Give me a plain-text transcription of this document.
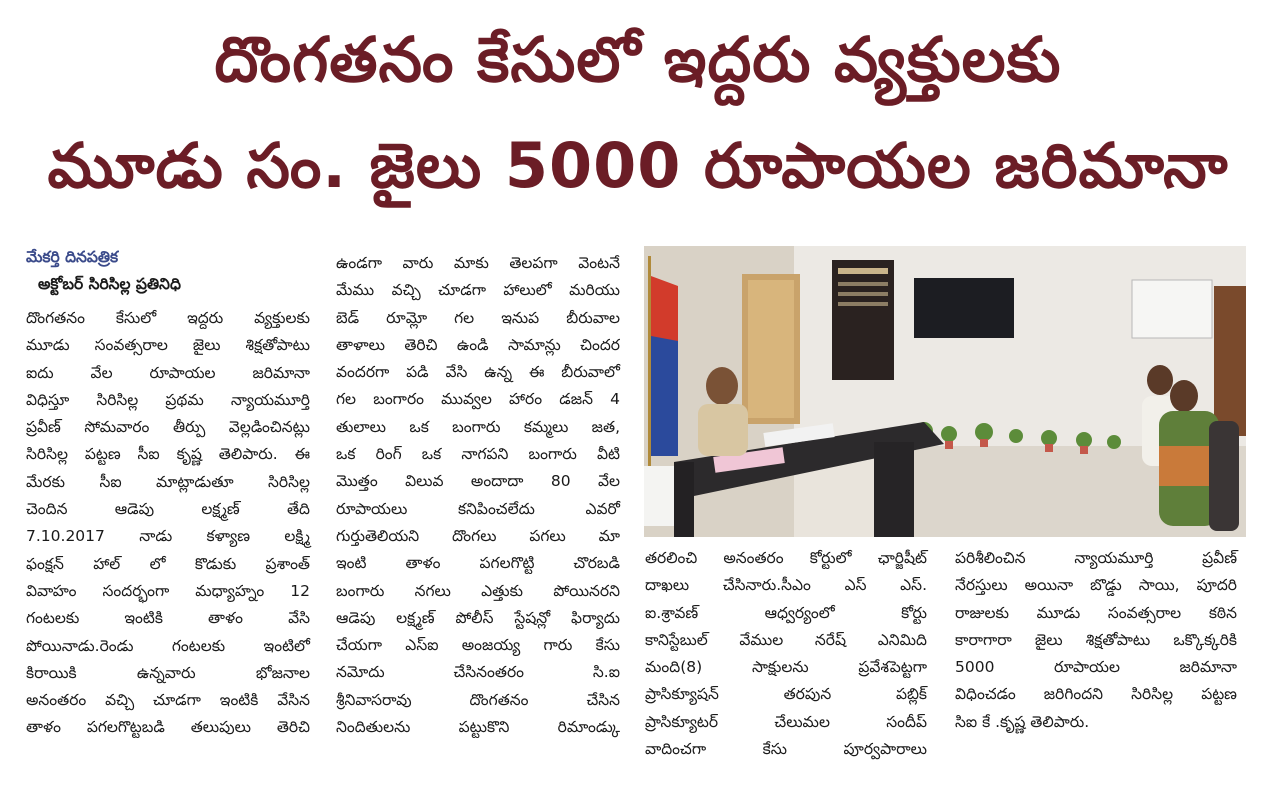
దొంగతనం కేసులో ఇద్దరు వ్యక్తులకు
మూడు సం. జైలు 5000 రూపాయల జరిమానా
మేకర్తి దినపత్రిక
అక్టోబర్ సిరిసిల్ల ప్రతినిధి
దొంగతనం కేసులో ఇద్దరు వ్యక్తులకు
మూడు సంవత్సరాల జైలు శిక్షతోపాటు
ఐదు వేల రూపాయల జరిమానా
విధిస్తూ సిరిసిల్ల ప్రథమ న్యాయమూర్తి
ప్రవీణ్ సోమవారం తీర్పు వెల్లడించినట్లు
సిరిసిల్ల పట్టణ సీఐ కృష్ణ తెలిపారు. ఈ
మేరకు సీఐ మాట్లాడుతూ సిరిసిల్ల
చెందిన ఆడెపు లక్ష్మణ్ తేది
7.10.2017 నాడు కళ్యాణ లక్ష్మి
ఫంక్షన్ హాల్ లో కొడుకు ప్రశాంత్
వివాహం సందర్భంగా మధ్యాహ్నం 12
గంటలకు ఇంటికి తాళం వేసి
పోయినాడు.రెండు గంటలకు ఇంటిలో
కిరాయికి ఉన్నవారు భోజనాల
అనంతరం వచ్చి చూడగా ఇంటికి వేసిన
తాళం పగలగొట్టబడి తలుపులు తెరిచి
ఉండగా వారు మాకు తెలపగా వెంటనే
మేము వచ్చి చూడగా హాలులో మరియు
బెడ్ రూమ్లో గల ఇనుప బీరువాల
తాళాలు తెరిచి ఉండి సామాన్లు చిందర
వందరగా పడి వేసి ఉన్న ఈ బీరువాలో
గల బంగారం మువ్వల హారం డజన్ 4
తులాలు ఒక బంగారు కమ్మలు జత,
ఒక రింగ్ ఒక నాగపని బంగారు వీటి
మొత్తం విలువ అందాదా 80 వేల
రూపాయలు కనిపించలేదు ఎవరో
గుర్తుతెలియని దొంగలు పగలు మా
ఇంటి తాళం పగలగొట్టి చొరబడి
బంగారు నగలు ఎత్తుకు పోయినరని
ఆడెపు లక్ష్మణ్ పోలీస్ స్టేషన్లో ఫిర్యాదు
చేయగా ఎస్ఐ అంజయ్య గారు కేసు
నమోదు చేసినంతరం సి.ఐ
శ్రీనివాసరావు దొంగతనం చేసిన
నిందితులను పట్టుకొని రిమాండ్కు
తరలించి అనంతరం కోర్టులో ఛార్జిషీట్
దాఖలు చేసినారు.సీఎం ఎస్ ఎస్.
ఐ.శ్రావణ్ ఆధ్వర్యంలో కోర్టు
కానిస్టేబుల్ వేముల నరేష్ ఎనిమిది
మంది(8) సాక్షులను ప్రవేశపెట్టగా
ప్రాసిక్యూషన్ తరపున పబ్లిక్
ప్రాసిక్యూటర్ చేలుమల సందీప్
వాదించగా కేసు పూర్వపారాలు
పరిశీలించిన న్యాయమూర్తి ప్రవీణ్
నేరస్తులు అయినా బొడ్డు సాయి, పూదరి
రాజులకు మూడు సంవత్సరాల కఠిన
కారాగారా జైలు శిక్షతోపాటు ఒక్కొక్కరికి
5000 రూపాయల జరిమానా
విధించడం జరిగిందని సిరిసిల్ల పట్టణ
సిఐ కే .కృష్ణ తెలిపారు.
